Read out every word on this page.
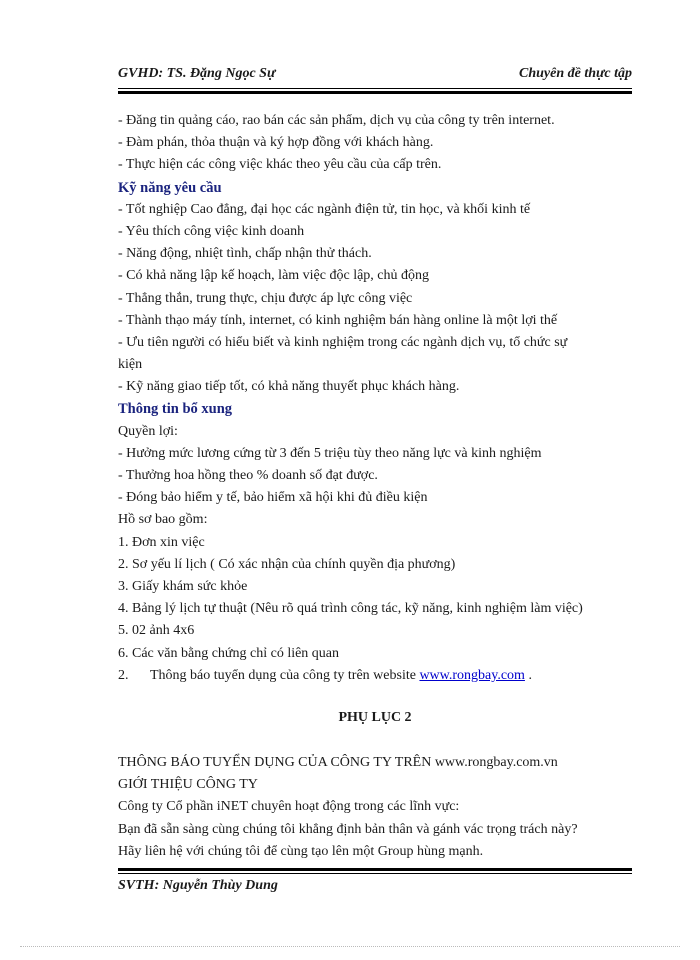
GVHD: TS. Đặng Ngọc Sự	Chuyên đề thực tập
- Đăng tin quảng cáo, rao bán các sản phẩm, dịch vụ của công ty trên internet.
- Đàm phán, thỏa thuận và ký hợp đồng với khách hàng.
- Thực hiện các công việc khác theo yêu cầu của cấp trên.
Kỹ năng yêu cầu
- Tốt nghiệp Cao đẳng, đại học các ngành điện tử, tin học, và khối kinh tế
- Yêu thích công việc kinh doanh
- Năng động, nhiệt tình, chấp nhận thử thách.
- Có khả năng lập kế hoạch, làm việc độc lập, chủ động
- Thẳng thắn, trung thực, chịu được áp lực công việc
- Thành thạo máy tính, internet, có kinh nghiệm bán hàng online là một lợi thế
- Ưu tiên người có hiểu biết và kinh nghiệm trong các ngành dịch vụ, tổ chức sự
kiện
- Kỹ năng giao tiếp tốt, có khả năng thuyết phục khách hàng.
Thông tin bổ xung
Quyền lợi:
- Hưởng mức lương cứng từ 3 đến 5 triệu tùy theo năng lực và kinh nghiệm
- Thưởng hoa hồng theo % doanh số đạt được.
- Đóng bảo hiểm y tế, bảo hiểm xã hội khi đủ điều kiện
Hồ sơ bao gồm:
1. Đơn xin việc
2. Sơ yếu lí lịch ( Có xác nhận của chính quyền địa phương)
3. Giấy khám sức khỏe
4. Bảng lý lịch tự thuật (Nêu rõ quá trình công tác, kỹ năng, kinh nghiệm làm việc)
5. 02 ảnh 4x6
6. Các văn bằng chứng chỉ có liên quan
2.	Thông báo tuyển dụng của công ty trên website www.rongbay.com .
PHỤ LỤC 2
THÔNG BÁO TUYỂN DỤNG CỦA CÔNG TY TRÊN www.rongbay.com.vn
GIỚI THIỆU CÔNG TY
Công ty Cổ phần iNET chuyên hoạt động trong các lĩnh vực:
Bạn đã sẵn sàng cùng chúng tôi khẳng định bản thân và gánh vác trọng trách này?
Hãy liên hệ với chúng tôi để cùng tạo lên một Group hùng mạnh.
SVTH: Nguyễn Thùy Dung
